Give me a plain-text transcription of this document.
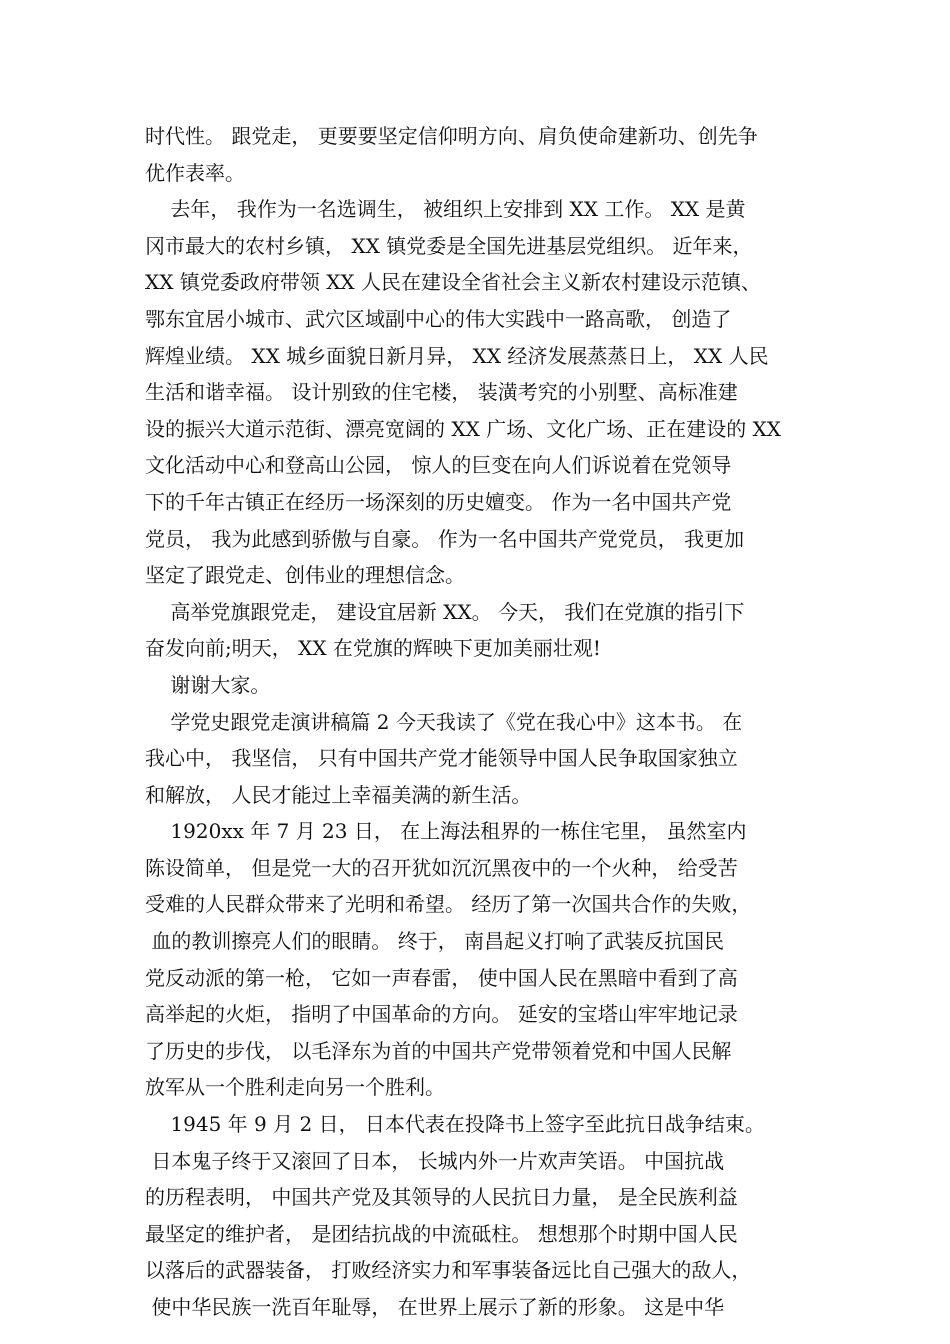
时代性。 跟党走， 更要要坚定信仰明方向、肩负使命建新功、创先争
优作表率。
去年， 我作为一名选调生， 被组织上安排到 XX 工作。 XX 是黄
冈市最大的农村乡镇， XX 镇党委是全国先进基层党组织。 近年来，
XX 镇党委政府带领 XX 人民在建设全省社会主义新农村建设示范镇、
鄂东宜居小城市、武穴区域副中心的伟大实践中一路高歌， 创造了
辉煌业绩。 XX 城乡面貌日新月异， XX 经济发展蒸蒸日上， XX 人民
生活和谐幸福。 设计别致的住宅楼， 装潢考究的小别墅、高标准建
设的振兴大道示范街、漂亮宽阔的 XX 广场、文化广场、正在建设的 XX
文化活动中心和登高山公园， 惊人的巨变在向人们诉说着在党领导
下的千年古镇正在经历一场深刻的历史嬗变。 作为一名中国共产党
党员， 我为此感到骄傲与自豪。 作为一名中国共产党党员， 我更加
坚定了跟党走、创伟业的理想信念。
高举党旗跟党走， 建设宜居新 XX。 今天， 我们在党旗的指引下
奋发向前;明天， XX 在党旗的辉映下更加美丽壮观!
谢谢大家。
学党史跟党走演讲稿篇 2 今天我读了《党在我心中》这本书。 在
我心中， 我坚信， 只有中国共产党才能领导中国人民争取国家独立
和解放， 人民才能过上幸福美满的新生活。
1920xx 年 7 月 23 日， 在上海法租界的一栋住宅里， 虽然室内
陈设简单， 但是党一大的召开犹如沉沉黑夜中的一个火种， 给受苦
受难的人民群众带来了光明和希望。 经历了第一次国共合作的失败，
血的教训擦亮人们的眼睛。 终于， 南昌起义打响了武装反抗国民
党反动派的第一枪， 它如一声春雷， 使中国人民在黑暗中看到了高
高举起的火炬， 指明了中国革命的方向。 延安的宝塔山牢牢地记录
了历史的步伐， 以毛泽东为首的中国共产党带领着党和中国人民解
放军从一个胜利走向另一个胜利。
1945 年 9 月 2 日， 日本代表在投降书上签字至此抗日战争结束。
日本鬼子终于又滚回了日本， 长城内外一片欢声笑语。 中国抗战
的历程表明， 中国共产党及其领导的人民抗日力量， 是全民族利益
最坚定的维护者， 是团结抗战的中流砥柱。 想想那个时期中国人民
以落后的武器装备， 打败经济实力和军事装备远比自己强大的敌人，
使中华民族一洗百年耻辱， 在世界上展示了新的形象。 这是中华
